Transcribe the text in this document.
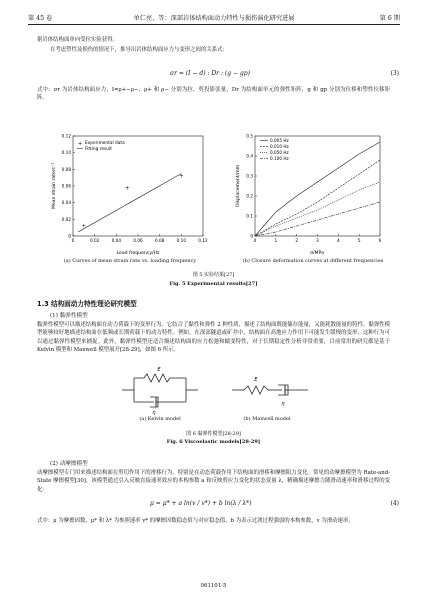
第 45 卷	单仁亮、等：深部岩体结构面动力特性与损伤演化研究进展	第 6 期
据岩体结构面单向受拉实验获得。
在考虑塑性及损伤的情况下，推导出岩体结构面应力与变形之间的关系式：
σr = (I − d) : Dr : (g − gp)	(3)
式中：σr 为岩体结构面应力，I=ρ+−ρ−，ρ+ 和 ρ− 分别为拉、剪投影张量，Dr 为结构面单元的弹性矩阵，g 和 gp 分别为位移和塑性位移矩阵。
0	0.02	0.04	0.06	0.08	0.10	0.12
0
0.02
0.04
0.06
0.08
0.10
0.12
+
+
+
Experimental data
Fitting result
+
Load frequency/Hz
Mean strain rate/s⁻¹
0	1	2	3	4	5	6
0
0.1
0.2
0.3
0.4
0.5
0.005 Hz
0.010 Hz
0.050 Hz
0.100 Hz
σ/MPa
Displacement/mm
(a) Curves of mean strain rate vs. loading frequency	(b) Closure deformation curves at different frequencies
图 5 实验结果[27]
Fig. 5 Experimental results[27]
1.3 结构面动力特性理论研究模型
(1) 黏弹性模型
黏弹性模型可以描述结构面在动力荷载下的变形行为。它结合了黏性和弹性 2 种性质，描述了结构面既能储存能量，又能耗散能量的特性。黏弹性模型能够较好地描述结构面在低频或长期荷载下的动力特性。例如，在深部隧道或矿井中，结构面在高地应力作用下可能发生缓慢的变形，这种行为可以通过黏弹性模型来捕捉。此外，黏弹性模型还适合描述结构面的应力松弛和蠕变特性，对于长期稳定性分析非常重要，目前常用的研究都是基于 Kelvin 模型和 Maxwell 模型展开[28-29]，如图 6 所示。
E
η
E
η
(a) Kelvin model	(b) Maxwell model
图 6 黏弹性模型[28-29]
Fig. 6 Viscoelastic models[28-29]
(2) 动摩擦模型
动摩擦模型专门用来描述结构面在剪切作用下的滑移行为，特别是在动态荷载作用下结构面的滑移和摩擦阻力变化。常见的动摩擦模型为 Rate-and-State 摩擦模型[30]。该模型通过引入反映直接速率效应的本构参数 a 和反映剪应力变化的状态变量 λ，精确描述摩擦力随滑动速率和滑移过程的变化：
μ = μ* + a ln(v / v*) + b ln(λ / λ*)	(4)
式中：μ 为摩擦因数，μ* 和 λ* 为参照速率 v* 的摩擦因数稳态值与对应稳态值，b 为表示过渡过程强弱的本构参数，v 为滑动速率。
061101-5
